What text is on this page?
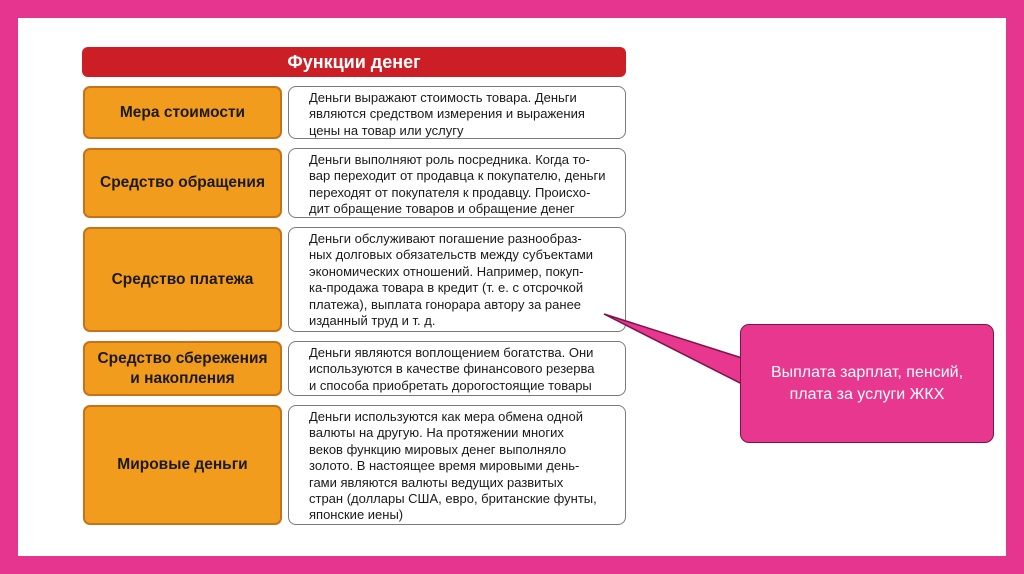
Функции денег
Мера стоимости
Деньги выражают стоимость товара. Деньги
являются средством измерения и выражения
цены на товар или услугу
Средство обращения
Деньги выполняют роль посредника. Когда то-
вар переходит от продавца к покупателю, деньги
переходят от покупателя к продавцу. Происхо-
дит обращение товаров и обращение денег
Средство платежа
Деньги обслуживают погашение разнообраз-
ных долговых обязательств между субъектами
экономических отношений. Например, покуп-
ка-продажа товара в кредит (т. е. с отсрочкой
платежа), выплата гонорара автору за ранее
изданный труд и т. д.
Средство сбережения
и накопления
Деньги являются воплощением богатства. Они
используются в качестве финансового резерва
и способа приобретать дорогостоящие товары
Мировые деньги
Деньги используются как мера обмена одной
валюты на другую. На протяжении многих
веков функцию мировых денег выполняло
золото. В настоящее время мировыми день-
гами являются валюты ведущих развитых
стран (доллары США, евро, британские фунты,
японские иены)
Выплата зарплат, пенсий,
плата за услуги ЖКХ
